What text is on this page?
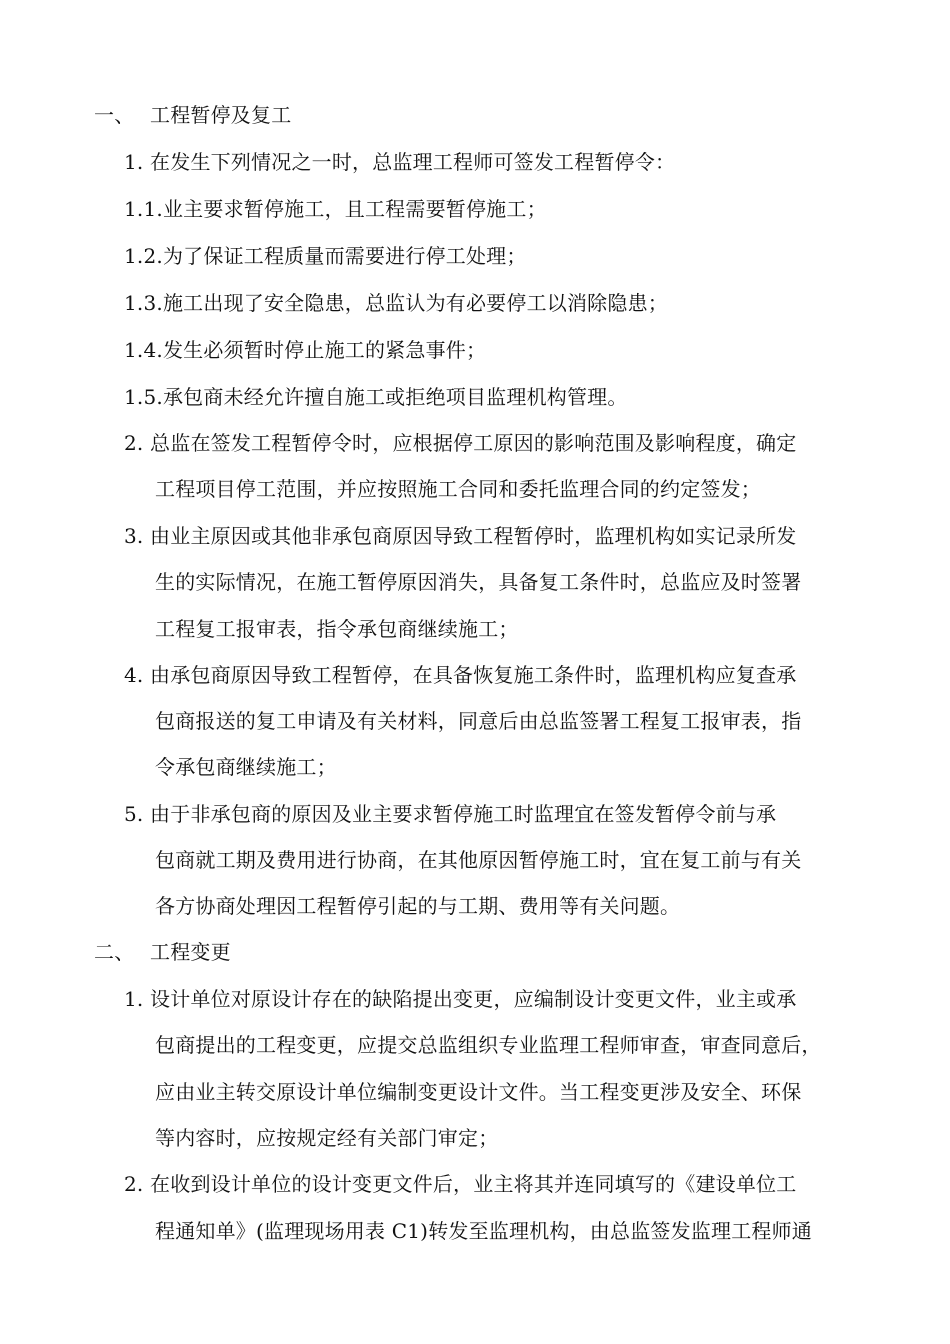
一、 工程暂停及复工
1. 在发生下列情况之一时，总监理工程师可签发工程暂停令：
1.1.业主要求暂停施工，且工程需要暂停施工；
1.2.为了保证工程质量而需要进行停工处理；
1.3.施工出现了安全隐患，总监认为有必要停工以消除隐患；
1.4.发生必须暂时停止施工的紧急事件；
1.5.承包商未经允许擅自施工或拒绝项目监理机构管理。
2. 总监在签发工程暂停令时，应根据停工原因的影响范围及影响程度，确定
工程项目停工范围，并应按照施工合同和委托监理合同的约定签发；
3. 由业主原因或其他非承包商原因导致工程暂停时，监理机构如实记录所发
生的实际情况，在施工暂停原因消失，具备复工条件时，总监应及时签署
工程复工报审表，指令承包商继续施工；
4. 由承包商原因导致工程暂停，在具备恢复施工条件时，监理机构应复查承
包商报送的复工申请及有关材料，同意后由总监签署工程复工报审表，指
令承包商继续施工；
5. 由于非承包商的原因及业主要求暂停施工时监理宜在签发暂停令前与承
包商就工期及费用进行协商，在其他原因暂停施工时，宜在复工前与有关
各方协商处理因工程暂停引起的与工期、费用等有关问题。
二、 工程变更
1. 设计单位对原设计存在的缺陷提出变更，应编制设计变更文件，业主或承
包商提出的工程变更，应提交总监组织专业监理工程师审查，审查同意后，
应由业主转交原设计单位编制变更设计文件。当工程变更涉及安全、环保
等内容时，应按规定经有关部门审定；
2. 在收到设计单位的设计变更文件后，业主将其并连同填写的《建设单位工
程通知单》(监理现场用表 C1)转发至监理机构，由总监签发监理工程师通
